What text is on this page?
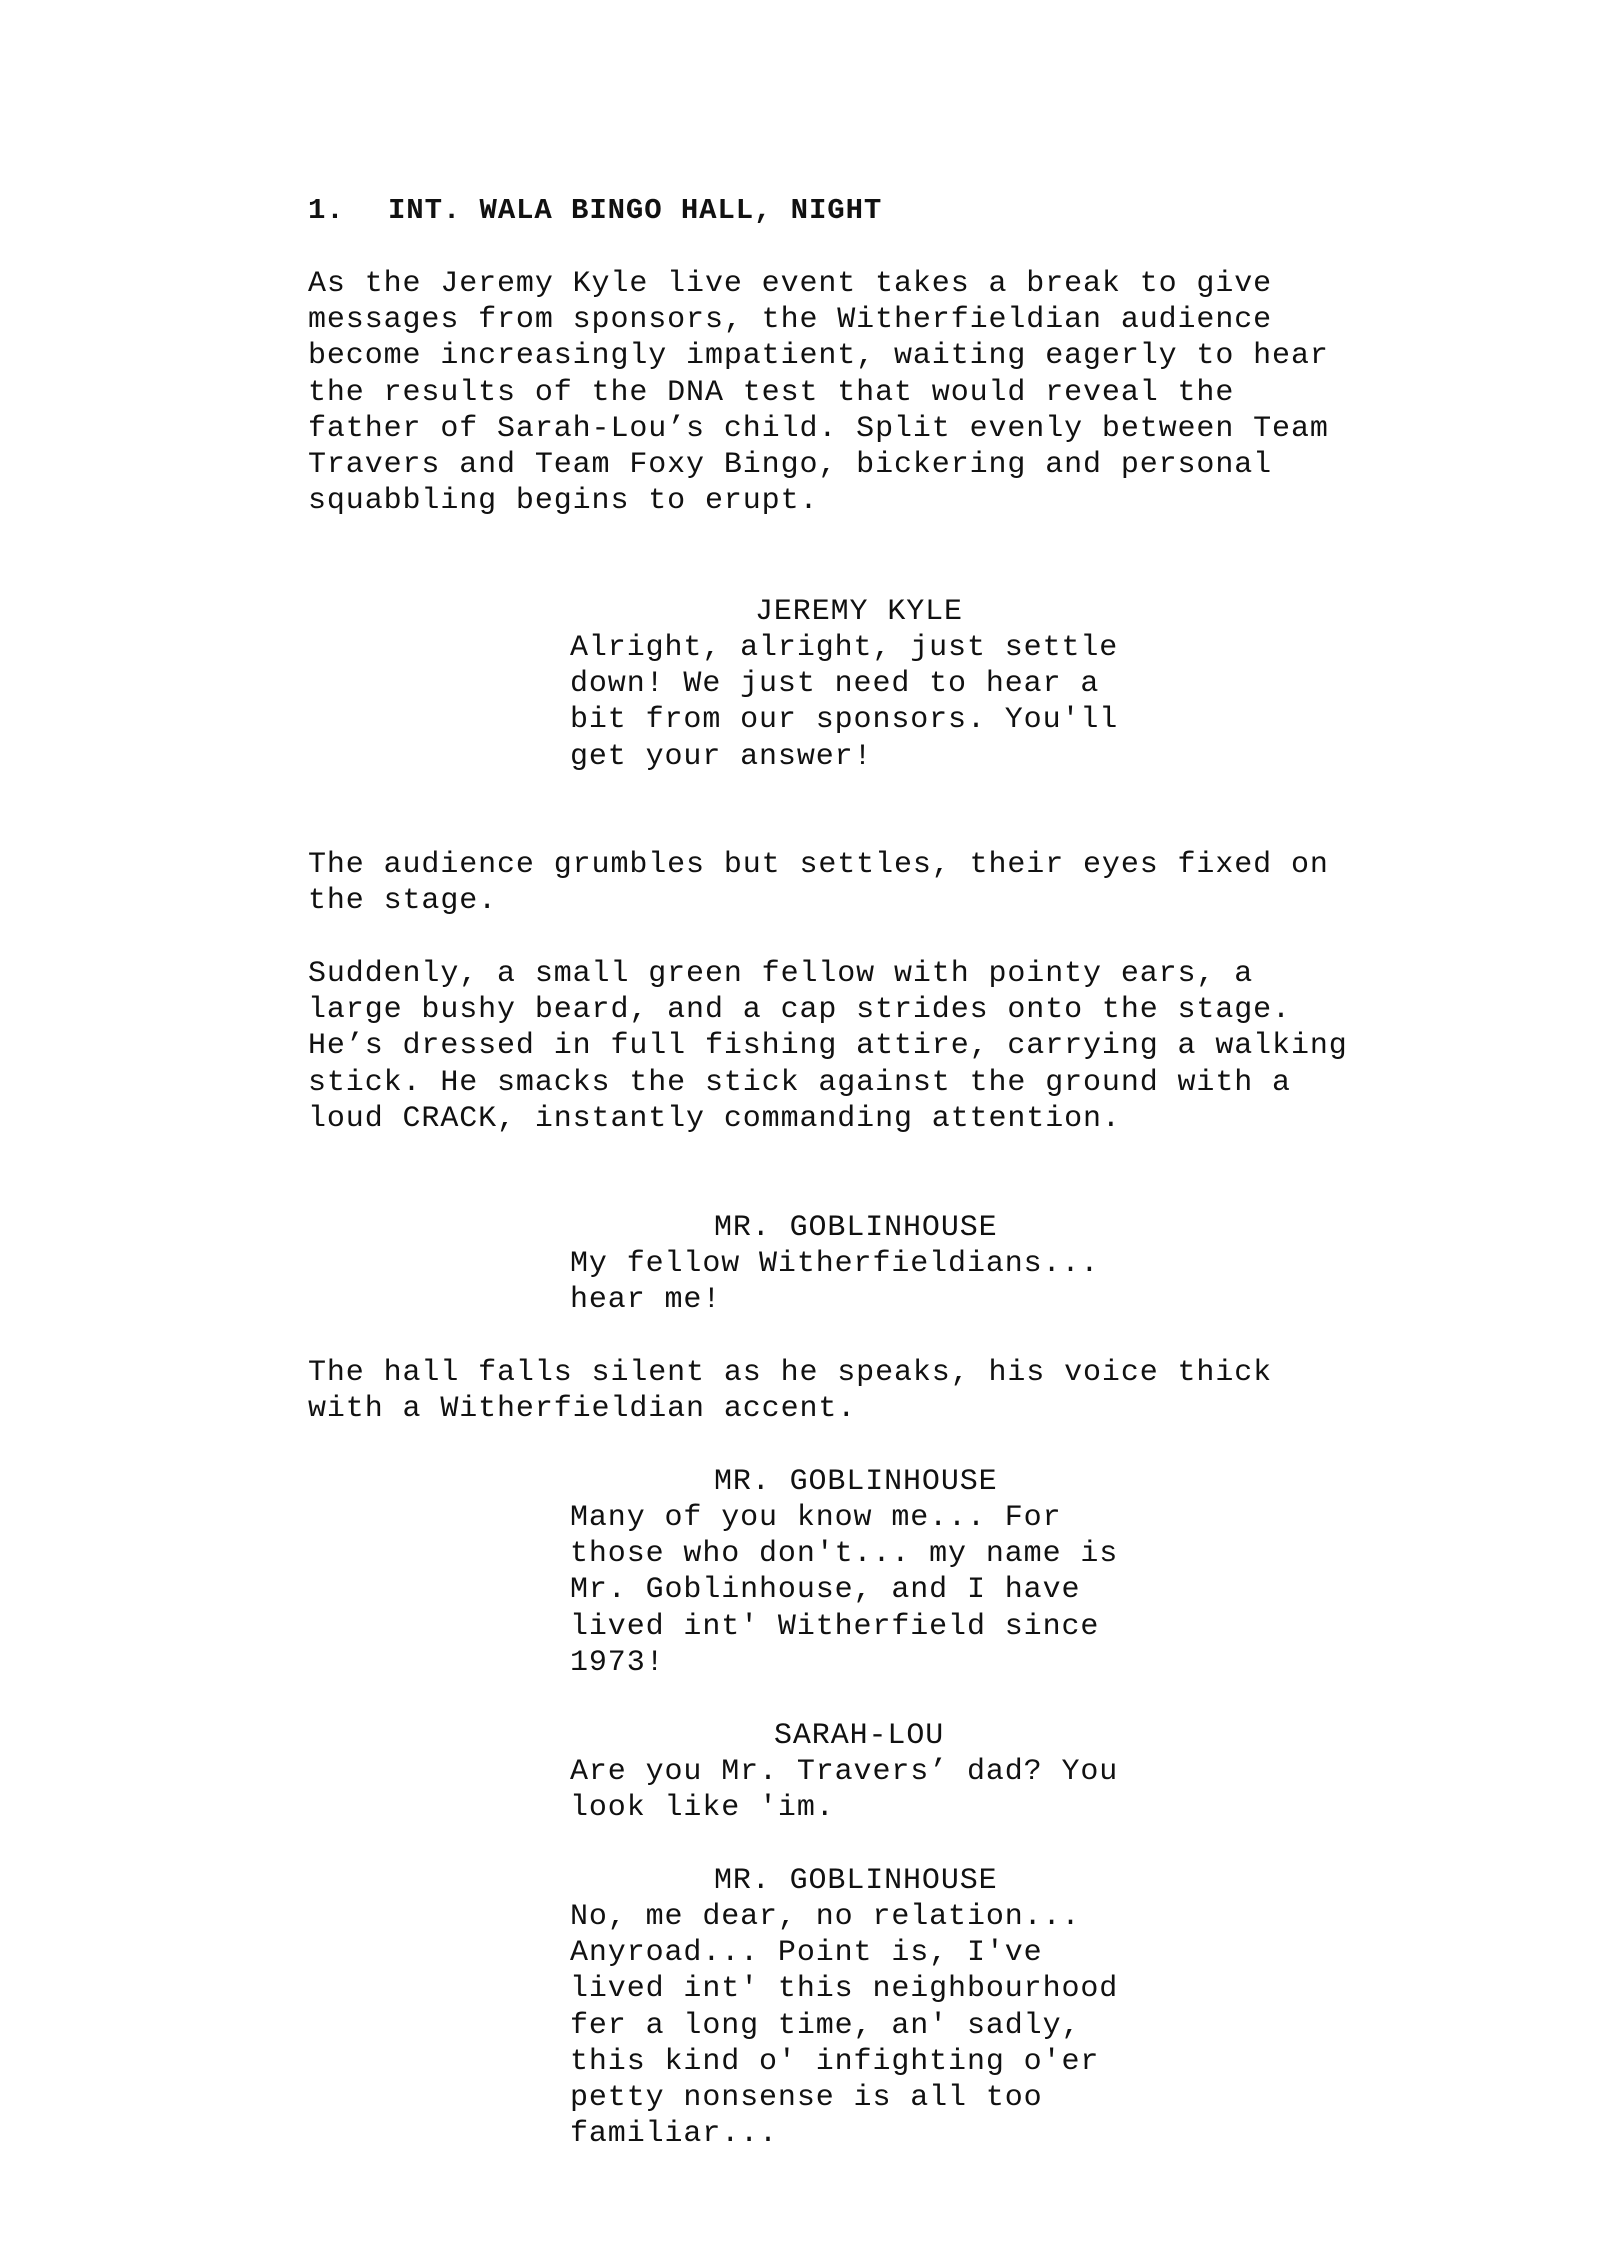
1. INT. WALA BINGO HALL, NIGHT
As the Jeremy Kyle live event takes a break to give
messages from sponsors, the Witherfieldian audience
become increasingly impatient, waiting eagerly to hear
the results of the DNA test that would reveal the
father of Sarah-Lou’s child. Split evenly between Team
Travers and Team Foxy Bingo, bickering and personal
squabbling begins to erupt.
JEREMY KYLE
Alright, alright, just settle
down! We just need to hear a
bit from our sponsors. You'll
get your answer!
The audience grumbles but settles, their eyes fixed on
the stage.
Suddenly, a small green fellow with pointy ears, a
large bushy beard, and a cap strides onto the stage.
He’s dressed in full fishing attire, carrying a walking
stick. He smacks the stick against the ground with a
loud CRACK, instantly commanding attention.
MR. GOBLINHOUSE
My fellow Witherfieldians...
hear me!
The hall falls silent as he speaks, his voice thick
with a Witherfieldian accent.
MR. GOBLINHOUSE
Many of you know me... For
those who don't... my name is
Mr. Goblinhouse, and I have
lived int' Witherfield since
1973!
SARAH-LOU
Are you Mr. Travers’ dad? You
look like 'im.
MR. GOBLINHOUSE
No, me dear, no relation...
Anyroad... Point is, I've
lived int' this neighbourhood
fer a long time, an' sadly,
this kind o' infighting o'er
petty nonsense is all too
familiar...
